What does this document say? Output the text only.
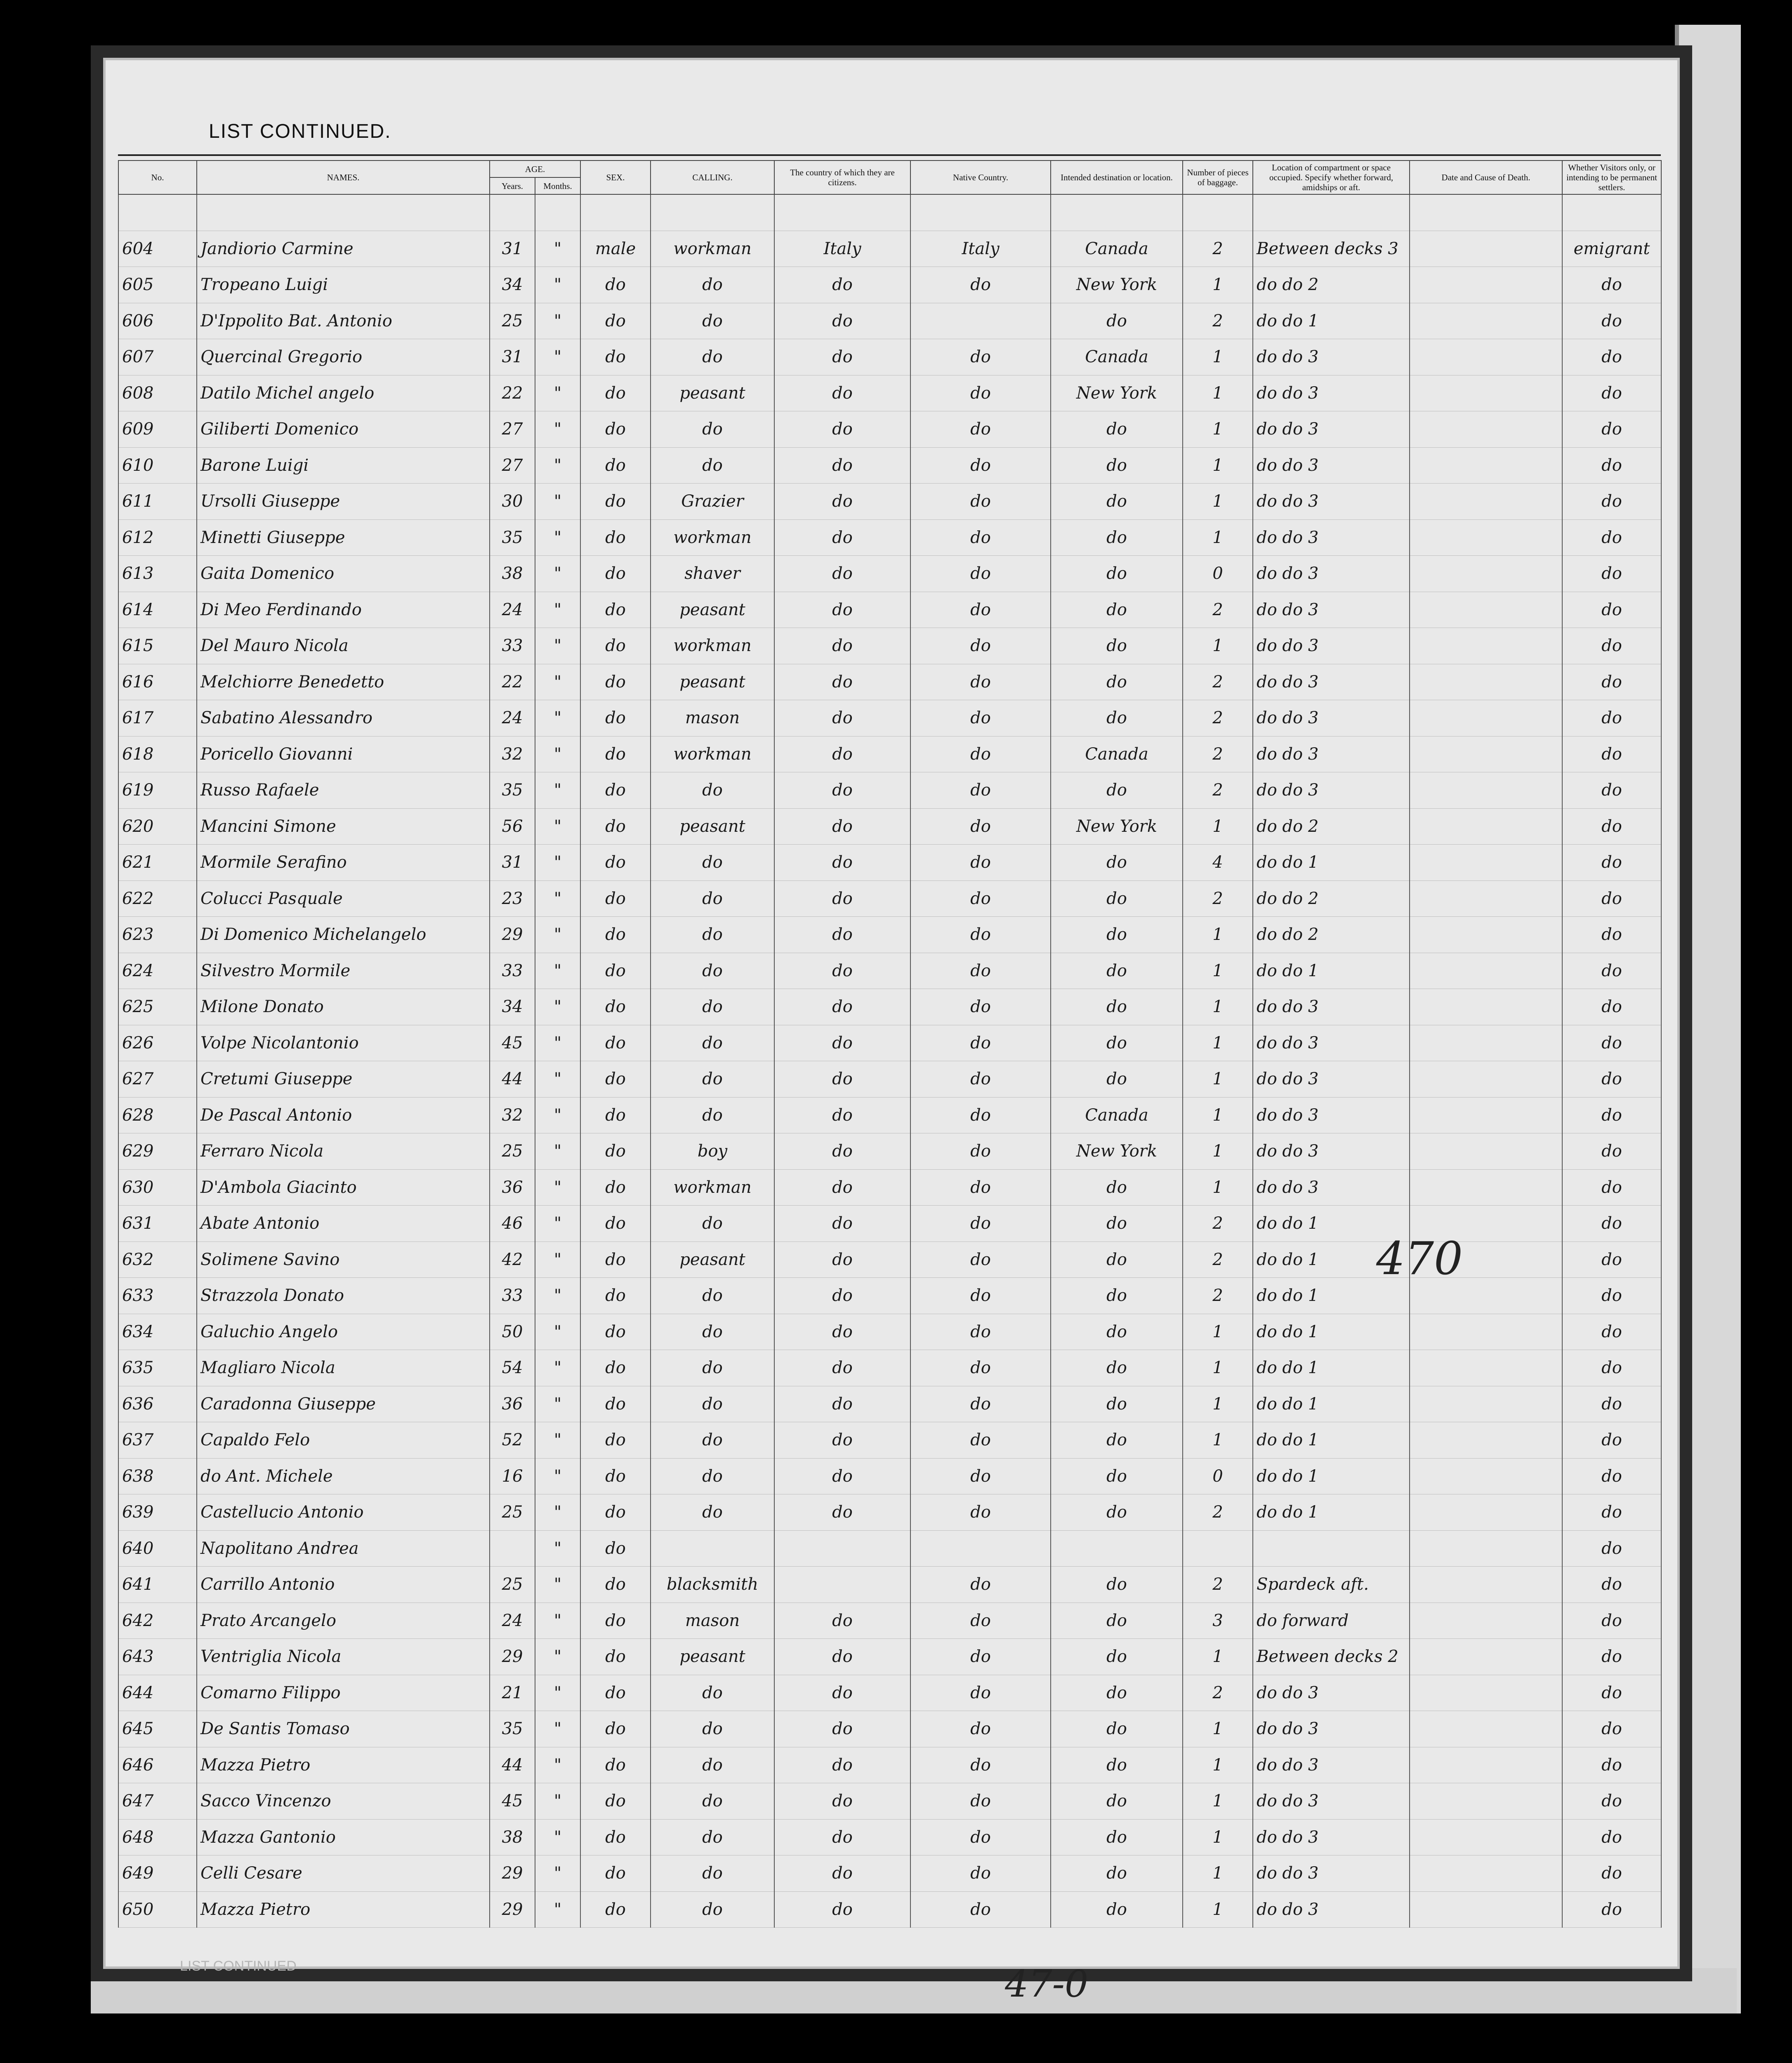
LIST CONTINUED.
No.	NAMES.	AGE.		SEX.	CALLING.	The country of which they are citizens.	Native Country.	Intended destination or location.	Number of pieces of baggage.	Location of compartment or space occupied. Specify whether forward, amidships or aft.	Date and Cause of Death.	Whether Visitors only, or intending to be permanent settlers.
		Years.	Months.									

604	Jandiorio Carmine	31	"	male	workman	Italy	Italy	Canada	2	Between decks 3		emigrant
605	Tropeano Luigi	34	"	do	do	do	do	New York	1	do do 2		do
606	D'Ippolito Bat. Antonio	25	"	do	do	do		do	2	do do 1		do
607	Quercinal Gregorio	31	"	do	do	do	do	Canada	1	do do 3		do
608	Datilo Michel angelo	22	"	do	peasant	do	do	New York	1	do do 3		do
609	Giliberti Domenico	27	"	do	do	do	do	do	1	do do 3		do
610	Barone Luigi	27	"	do	do	do	do	do	1	do do 3		do
611	Ursolli Giuseppe	30	"	do	Grazier	do	do	do	1	do do 3		do
612	Minetti Giuseppe	35	"	do	workman	do	do	do	1	do do 3		do
613	Gaita Domenico	38	"	do	shaver	do	do	do	0	do do 3		do
614	Di Meo Ferdinando	24	"	do	peasant	do	do	do	2	do do 3		do
615	Del Mauro Nicola	33	"	do	workman	do	do	do	1	do do 3		do
616	Melchiorre Benedetto	22	"	do	peasant	do	do	do	2	do do 3		do
617	Sabatino Alessandro	24	"	do	mason	do	do	do	2	do do 3		do
618	Poricello Giovanni	32	"	do	workman	do	do	Canada	2	do do 3		do
619	Russo Rafaele	35	"	do	do	do	do	do	2	do do 3		do
620	Mancini Simone	56	"	do	peasant	do	do	New York	1	do do 2		do
621	Mormile Serafino	31	"	do	do	do	do	do	4	do do 1		do
622	Colucci Pasquale	23	"	do	do	do	do	do	2	do do 2		do
623	Di Domenico Michelangelo	29	"	do	do	do	do	do	1	do do 2		do
624	Silvestro Mormile	33	"	do	do	do	do	do	1	do do 1		do
625	Milone Donato	34	"	do	do	do	do	do	1	do do 3		do
626	Volpe Nicolantonio	45	"	do	do	do	do	do	1	do do 3		do
627	Cretumi Giuseppe	44	"	do	do	do	do	do	1	do do 3		do
628	De Pascal Antonio	32	"	do	do	do	do	Canada	1	do do 3		do
629	Ferraro Nicola	25	"	do	boy	do	do	New York	1	do do 3		do
630	D'Ambola Giacinto	36	"	do	workman	do	do	do	1	do do 3		do
631	Abate Antonio	46	"	do	do	do	do	do	2	do do 1		do
632	Solimene Savino	42	"	do	peasant	do	do	do	2	do do 1		do
633	Strazzola Donato	33	"	do	do	do	do	do	2	do do 1		do
634	Galuchio Angelo	50	"	do	do	do	do	do	1	do do 1		do
635	Magliaro Nicola	54	"	do	do	do	do	do	1	do do 1		do
636	Caradonna Giuseppe	36	"	do	do	do	do	do	1	do do 1		do
637	Capaldo Felo	52	"	do	do	do	do	do	1	do do 1		do
638	do Ant. Michele	16	"	do	do	do	do	do	0	do do 1		do
639	Castellucio Antonio	25	"	do	do	do	do	do	2	do do 1		do
640	Napolitano Andrea		"	do								do
641	Carrillo Antonio	25	"	do	blacksmith		do	do	2	Spardeck aft.		do
642	Prato Arcangelo	24	"	do	mason	do	do	do	3	do forward		do
643	Ventriglia Nicola	29	"	do	peasant	do	do	do	1	Between decks 2		do
644	Comarno Filippo	21	"	do	do	do	do	do	2	do do 3		do
645	De Santis Tomaso	35	"	do	do	do	do	do	1	do do 3		do
646	Mazza Pietro	44	"	do	do	do	do	do	1	do do 3		do
647	Sacco Vincenzo	45	"	do	do	do	do	do	1	do do 3		do
648	Mazza Gantonio	38	"	do	do	do	do	do	1	do do 3		do
649	Celli Cesare	29	"	do	do	do	do	do	1	do do 3		do
650	Mazza Pietro	29	"	do	do	do	do	do	1	do do 3		do
470
47-0
LIST CONTINUED
